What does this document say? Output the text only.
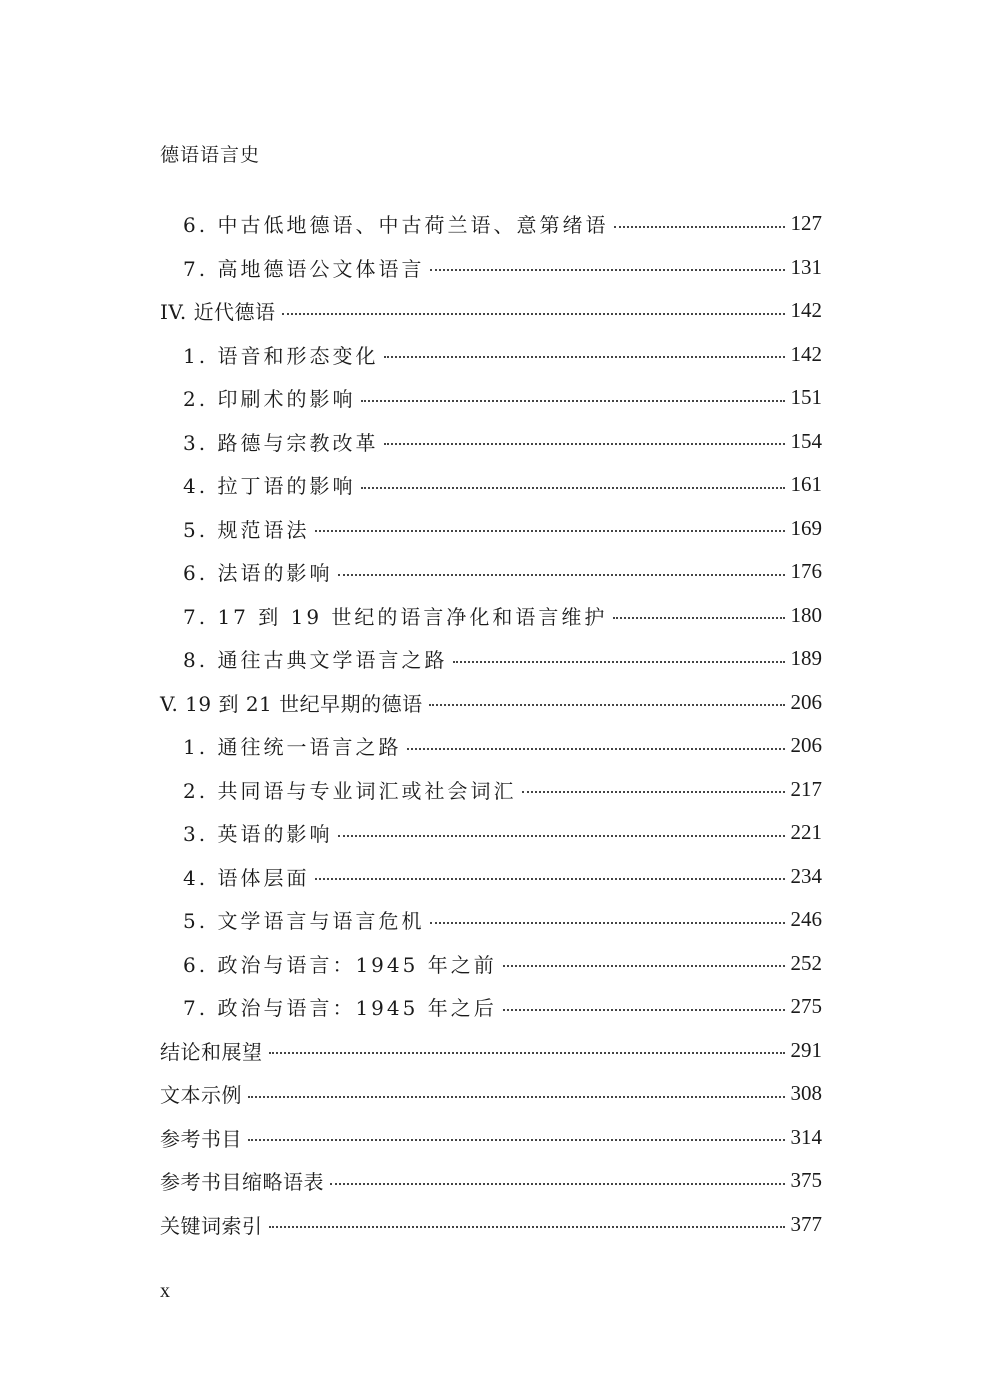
德语语言史
6. 中古低地德语、中古荷兰语、意第绪语	127
7. 高地德语公文体语言	131
IV. 近代德语	142
1. 语音和形态变化	142
2. 印刷术的影响	151
3. 路德与宗教改革	154
4. 拉丁语的影响	161
5. 规范语法	169
6. 法语的影响	176
7. 17 到 19 世纪的语言净化和语言维护	180
8. 通往古典文学语言之路	189
V. 19 到 21 世纪早期的德语	206
1. 通往统一语言之路	206
2. 共同语与专业词汇或社会词汇	217
3. 英语的影响	221
4. 语体层面	234
5. 文学语言与语言危机	246
6. 政治与语言：1945 年之前	252
7. 政治与语言：1945 年之后	275
结论和展望	291
文本示例	308
参考书目	314
参考书目缩略语表	375
关键词索引	377
x
